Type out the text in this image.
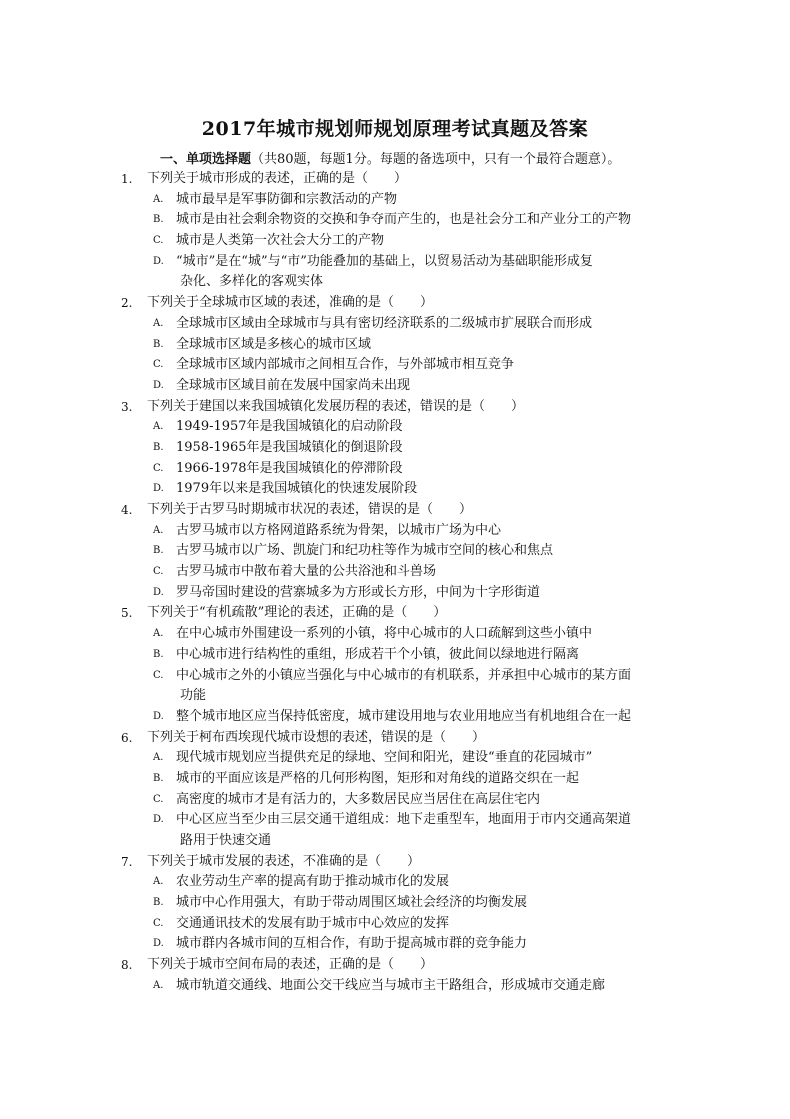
2017年城市规划师规划原理考试真题及答案
一、单项选择题（共80题，每题1分。每题的备选项中，只有一个最符合题意）。
1.	下列关于城市形成的表述，正确的是（　　）
A. 城市最早是军事防御和宗教活动的产物
B. 城市是由社会剩余物资的交换和争夺而产生的，也是社会分工和产业分工的产物
C. 城市是人类第一次社会大分工的产物
D. “城市”是在“城”与“市”功能叠加的基础上，以贸易活动为基础职能形成复
杂化、多样化的客观实体
2.	下列关于全球城市区域的表述，准确的是（　　）
A. 全球城市区域由全球城市与具有密切经济联系的二级城市扩展联合而形成
B. 全球城市区域是多核心的城市区域
C. 全球城市区域内部城市之间相互合作，与外部城市相互竞争
D. 全球城市区域目前在发展中国家尚未出现
3.	下列关于建国以来我国城镇化发展历程的表述，错误的是（　　）
A. 1949-1957年是我国城镇化的启动阶段
B. 1958-1965年是我国城镇化的倒退阶段
C. 1966-1978年是我国城镇化的停滞阶段
D. 1979年以来是我国城镇化的快速发展阶段
4.	下列关于古罗马时期城市状况的表述，错误的是（　　）
A. 古罗马城市以方格网道路系统为骨架，以城市广场为中心
B. 古罗马城市以广场、凯旋门和纪功柱等作为城市空间的核心和焦点
C. 古罗马城市中散布着大量的公共浴池和斗兽场
D. 罗马帝国时建设的营寨城多为方形或长方形，中间为十字形街道
5.	下列关于“有机疏散”理论的表述，正确的是（　　）
A. 在中心城市外围建设一系列的小镇，将中心城市的人口疏解到这些小镇中
B. 中心城市进行结构性的重组，形成若干个小镇，彼此间以绿地进行隔离
C. 中心城市之外的小镇应当强化与中心城市的有机联系，并承担中心城市的某方面
功能
D. 整个城市地区应当保持低密度，城市建设用地与农业用地应当有机地组合在一起
6.	下列关于柯布西埃现代城市设想的表述，错误的是（　　）
A. 现代城市规划应当提供充足的绿地、空间和阳光，建设“垂直的花园城市”
B. 城市的平面应该是严格的几何形构图，矩形和对角线的道路交织在一起
C. 高密度的城市才是有活力的，大多数居民应当居住在高层住宅内
D. 中心区应当至少由三层交通干道组成：地下走重型车，地面用于市内交通高架道
路用于快速交通
7.	下列关于城市发展的表述，不准确的是（　　）
A. 农业劳动生产率的提高有助于推动城市化的发展
B. 城市中心作用强大，有助于带动周围区域社会经济的均衡发展
C. 交通通讯技术的发展有助于城市中心效应的发挥
D. 城市群内各城市间的互相合作，有助于提高城市群的竞争能力
8.	下列关于城市空间布局的表述，正确的是（　　）
A. 城市轨道交通线、地面公交干线应当与城市主干路组合，形成城市交通走廊
